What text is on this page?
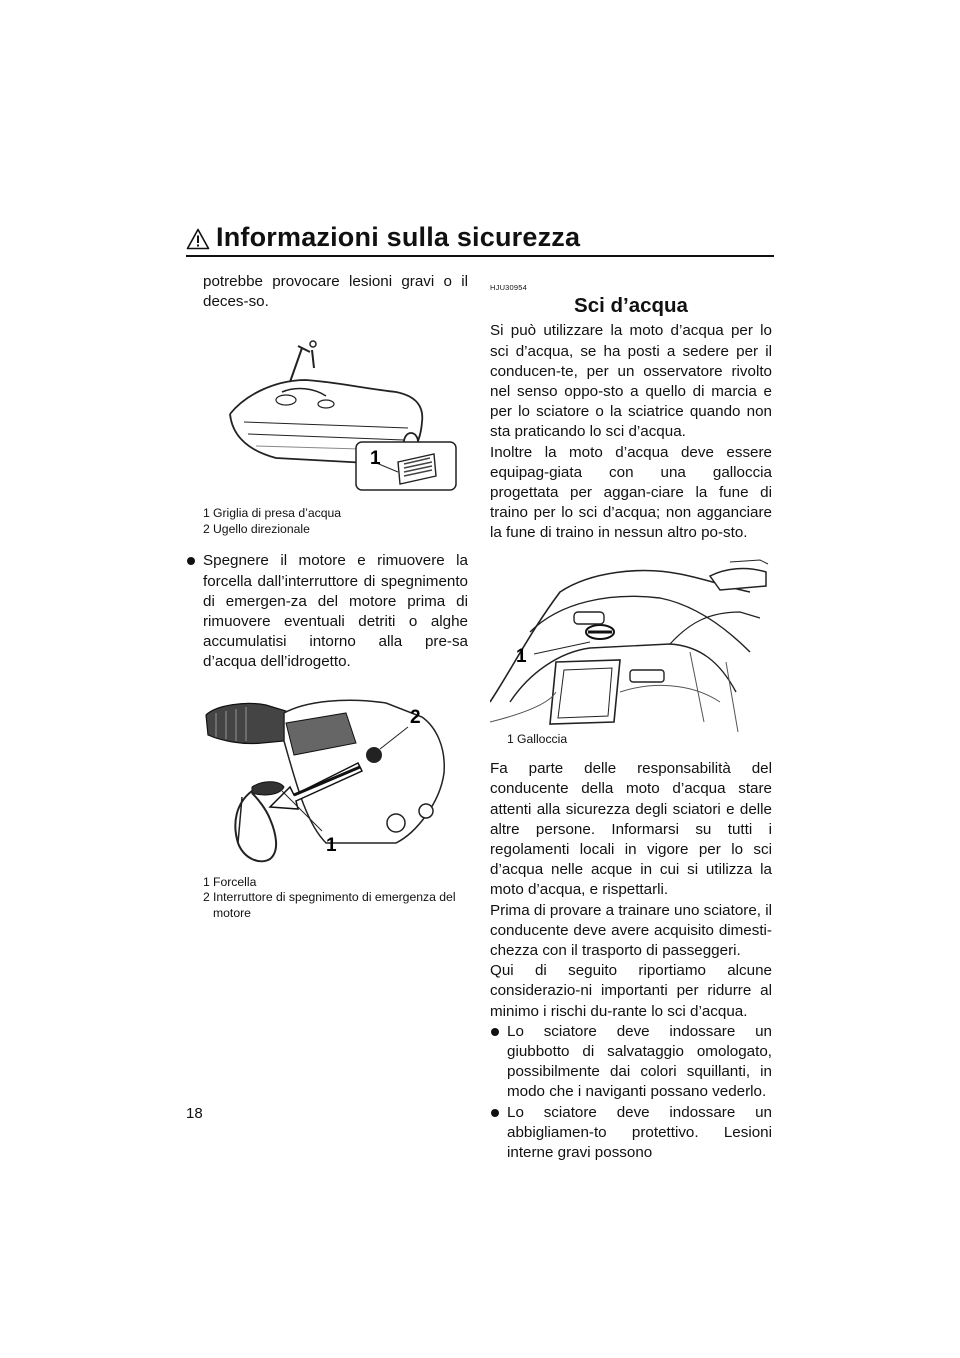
Informazioni sulla sicurezza

potrebbe provocare lesioni gravi o il deces-so.

1
1 Griglia di presa d’acqua
2 Ugello direzionale
Spegnere il motore e rimuovere la forcella dall’interruttore di spegnimento di emergen-za del motore prima di rimuovere eventuali detriti o alghe accumulatisi intorno alla pre-sa d’acqua dell’idrogetto.
2
1
1 Forcella
2 Interruttore di spegnimento di emergenza del motore
HJU30954
Sci d’acqua

Si può utilizzare la moto d’acqua per lo sci d’acqua, se ha posti a sedere per il conducen-te, per un osservatore rivolto nel senso oppo-sto a quello di marcia e per lo sciatore o la sciatrice quando non sta praticando lo sci d’acqua.

Inoltre la moto d’acqua deve essere equipag-giata con una galloccia progettata per aggan-ciare la fune di traino per lo sci d’acqua; non agganciare la fune di traino in nessun altro po-sto.

1
1 Galloccia

Fa parte delle responsabilità del conducente della moto d’acqua stare attenti alla sicurezza degli sciatori e delle altre persone. Informarsi su tutti i regolamenti locali in vigore per lo sci d’acqua nelle acque in cui si utilizza la moto d’acqua, e rispettarli.

Prima di provare a trainare uno sciatore, il conducente deve avere acquisito dimesti-chezza con il trasporto di passeggeri.

Qui di seguito riportiamo alcune considerazio-ni importanti per ridurre al minimo i rischi du-rante lo sci d’acqua.

Lo sciatore deve indossare un giubbotto di salvataggio omologato, possibilmente dai colori squillanti, in modo che i naviganti possano vederlo.
Lo sciatore deve indossare un abbigliamen-to protettivo. Lesioni interne gravi possono
18
